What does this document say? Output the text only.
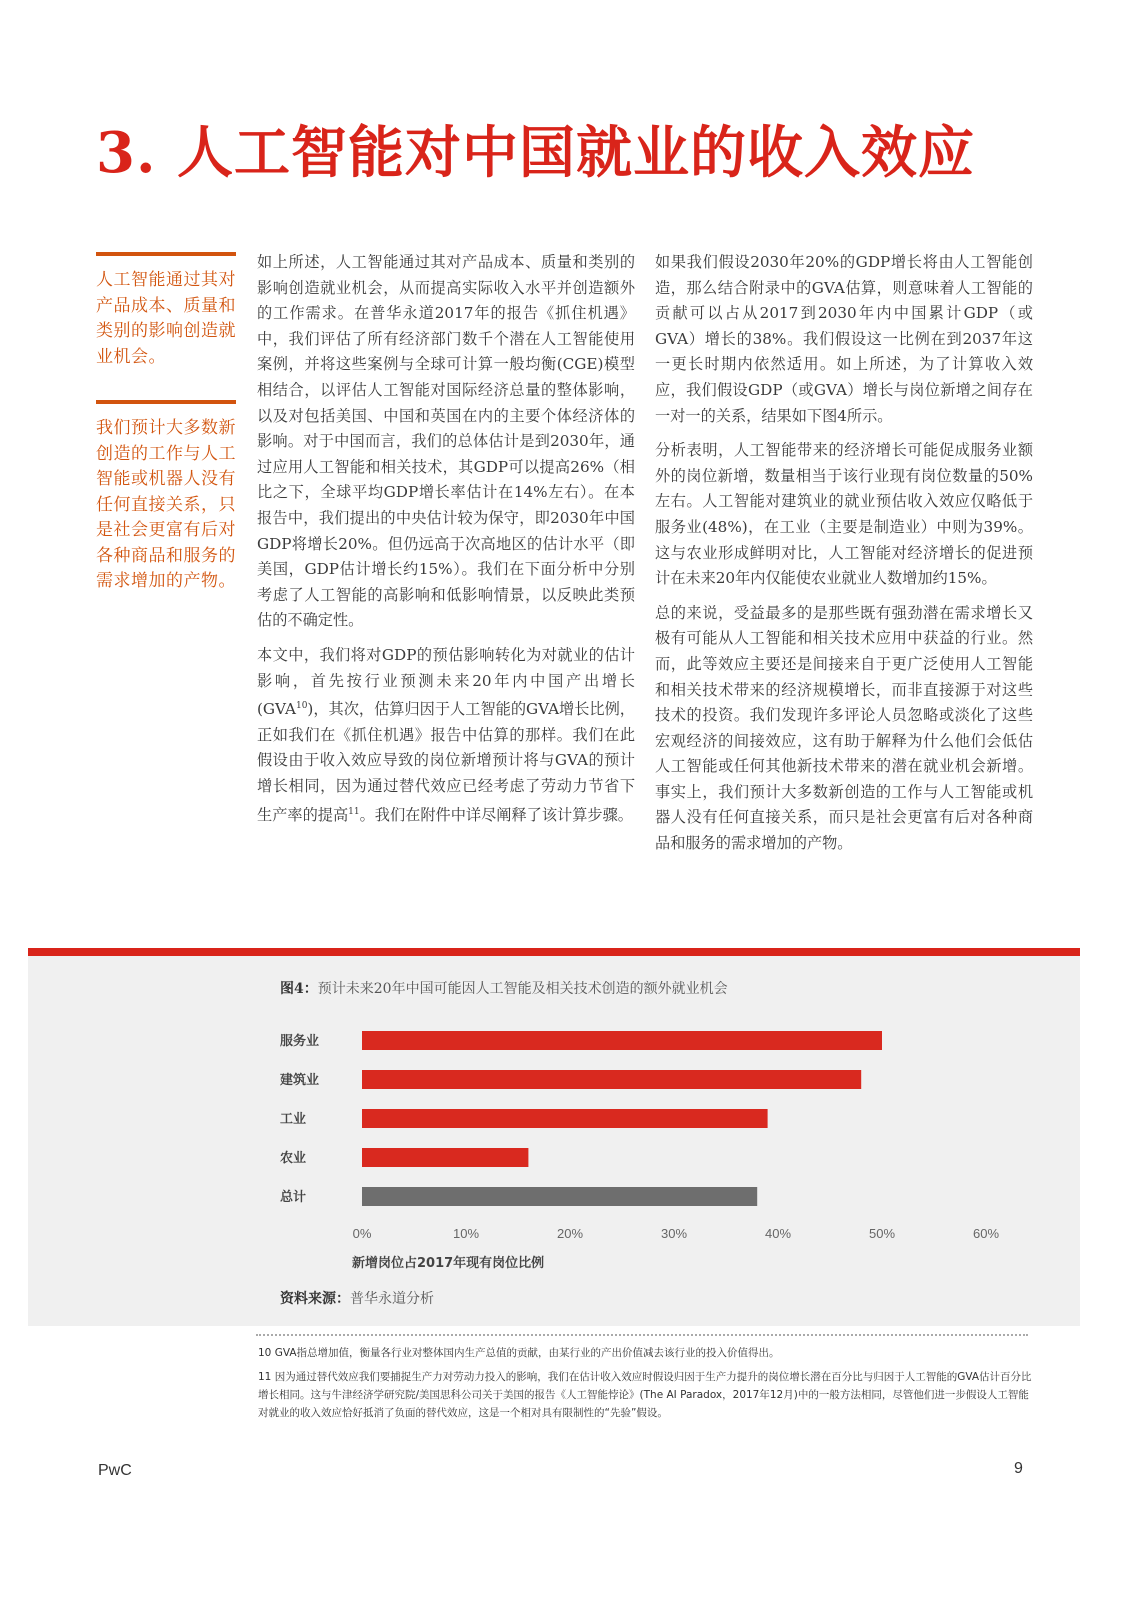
3. 人工智能对中国就业的收入效应

人工智能通过其对产品成本、质量和类别的影响创造就业机会。

我们预计大多数新创造的工作与人工智能或机器人没有任何直接关系，只是社会更富有后对各种商品和服务的需求增加的产物。

如上所述，人工智能通过其对产品成本、质量和类别的影响创造就业机会，从而提高实际收入水平并创造额外的工作需求。在普华永道2017年的报告《抓住机遇》中，我们评估了所有经济部门数千个潜在人工智能使用案例，并将这些案例与全球可计算一般均衡(CGE)模型相结合，以评估人工智能对国际经济总量的整体影响，以及对包括美国、中国和英国在内的主要个体经济体的影响。对于中国而言，我们的总体估计是到2030年，通过应用人工智能和相关技术，其GDP可以提高26%（相比之下，全球平均GDP增长率估计在14%左右）。在本报告中，我们提出的中央估计较为保守，即2030年中国GDP将增长20%。但仍远高于次高地区的估计水平（即美国，GDP估计增长约15%）。我们在下面分析中分别考虑了人工智能的高影响和低影响情景，以反映此类预估的不确定性。

本文中，我们将对GDP的预估影响转化为对就业的估计影响，首先按行业预测未来20年内中国产出增长(GVA$^{10}$)，其次，估算归因于人工智能的GVA增长比例，正如我们在《抓住机遇》报告中估算的那样。我们在此假设由于收入效应导致的岗位新增预计将与GVA的预计增长相同，因为通过替代效应已经考虑了劳动力节省下生产率的提高$^{11}$。我们在附件中详尽阐释了该计算步骤。

如果我们假设2030年20%的GDP增长将由人工智能创造，那么结合附录中的GVA估算，则意味着人工智能的贡献可以占从2017到2030年内中国累计GDP（或GVA）增长的38%。我们假设这一比例在到2037年这一更长时期内依然适用。如上所述，为了计算收入效应，我们假设GDP（或GVA）增长与岗位新增之间存在一对一的关系，结果如下图4所示。

分析表明，人工智能带来的经济增长可能促成服务业额外的岗位新增，数量相当于该行业现有岗位数量的50%左右。人工智能对建筑业的就业预估收入效应仅略低于服务业(48%)，在工业（主要是制造业）中则为39%。这与农业形成鲜明对比，人工智能对经济增长的促进预计在未来20年内仅能使农业就业人数增加约15%。

总的来说，受益最多的是那些既有强劲潜在需求增长又极有可能从人工智能和相关技术应用中获益的行业。然而，此等效应主要还是间接来自于更广泛使用人工智能和相关技术带来的经济规模增长，而非直接源于对这些技术的投资。我们发现许多评论人员忽略或淡化了这些宏观经济的间接效应，这有助于解释为什么他们会低估人工智能或任何其他新技术带来的潜在就业机会新增。事实上，我们预计大多数新创造的工作与人工智能或机器人没有任何直接关系，而只是社会更富有后对各种商品和服务的需求增加的产物。

图4：预计未来20年中国可能因人工智能及相关技术创造的额外就业机会
服务业
建筑业
工业
农业
总计
0%	10%	20%	30%	40%	50%	60%
新增岗位占2017年现有岗位比例
资料来源：普华永道分析

10 GVA指总增加值，衡量各行业对整体国内生产总值的贡献，由某行业的产出价值减去该行业的投入价值得出。

11 因为通过替代效应我们要捕捉生产力对劳动力投入的影响，我们在估计收入效应时假设归因于生产力提升的岗位增长潜在百分比与归因于人工智能的GVA估计百分比增长相同。这与牛津经济学研究院/美国思科公司关于美国的报告《人工智能悖论》(The AI Paradox，2017年12月)中的一般方法相同，尽管他们进一步假设人工智能对就业的收入效应恰好抵消了负面的替代效应，这是一个相对具有限制性的“先验”假设。

PwC	9
